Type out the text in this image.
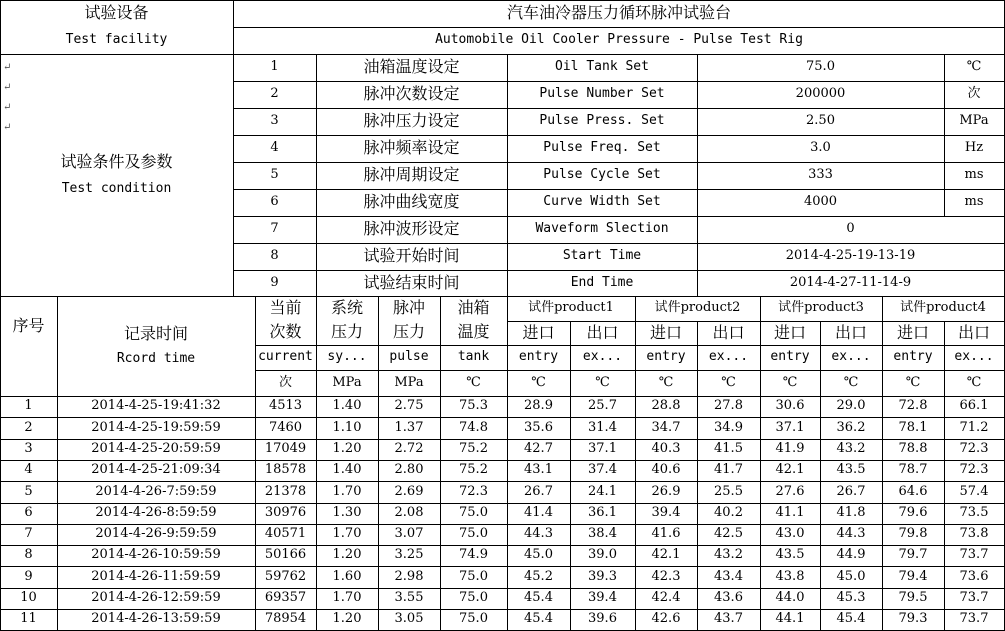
试验设备
Test facility
汽车油冷器压力循环脉冲试验台
Automobile Oil Cooler Pressure - Pulse Test Rig
试验条件及参数
Test condition
↵
↵
↵
↵
1	油箱温度设定	Oil Tank Set	75.0	℃
2	脉冲次数设定	Pulse Number Set	200000	次
3	脉冲压力设定	Pulse Press. Set	2.50	MPa
4	脉冲频率设定	Pulse Freq. Set	3.0	Hz
5	脉冲周期设定	Pulse Cycle Set	333	ms
6	脉冲曲线宽度	Curve Width Set	4000	ms
7	脉冲波形设定	Waveform Slection	0
8	试验开始时间	Start Time	2014-4-25-19-13-19
9	试验结束时间	End Time	2014-4-27-11-14-9
序号	记录时间
Rcord time
当前
次数
current
次
系统
压力
sy...
MPa
脉冲
压力
pulse
MPa
油箱
温度
tank
℃
试件product1
进口	出口
entry	ex...
℃	℃
试件product2
进口	出口
entry	ex...
℃	℃
试件product3
进口	出口
entry	ex...
℃	℃
试件product4
进口	出口
entry	ex...
℃	℃
1	2014-4-25-19:41:32	4513	1.40	2.75	75.3	28.9	25.7	28.8	27.8	30.6	29.0	72.8	66.1
2	2014-4-25-19:59:59	7460	1.10	1.37	74.8	35.6	31.4	34.7	34.9	37.1	36.2	78.1	71.2
3	2014-4-25-20:59:59	17049	1.20	2.72	75.2	42.7	37.1	40.3	41.5	41.9	43.2	78.8	72.3
4	2014-4-25-21:09:34	18578	1.40	2.80	75.2	43.1	37.4	40.6	41.7	42.1	43.5	78.7	72.3
5	2014-4-26-7:59:59	21378	1.70	2.69	72.3	26.7	24.1	26.9	25.5	27.6	26.7	64.6	57.4
6	2014-4-26-8:59:59	30976	1.30	2.08	75.0	41.4	36.1	39.4	40.2	41.1	41.8	79.6	73.5
7	2014-4-26-9:59:59	40571	1.70	3.07	75.0	44.3	38.4	41.6	42.5	43.0	44.3	79.8	73.8
8	2014-4-26-10:59:59	50166	1.20	3.25	74.9	45.0	39.0	42.1	43.2	43.5	44.9	79.7	73.7
9	2014-4-26-11:59:59	59762	1.60	2.98	75.0	45.2	39.3	42.3	43.4	43.8	45.0	79.4	73.6
10	2014-4-26-12:59:59	69357	1.70	3.55	75.0	45.4	39.4	42.4	43.6	44.0	45.3	79.5	73.7
11	2014-4-26-13:59:59	78954	1.20	3.05	75.0	45.4	39.6	42.6	43.7	44.1	45.4	79.3	73.7
